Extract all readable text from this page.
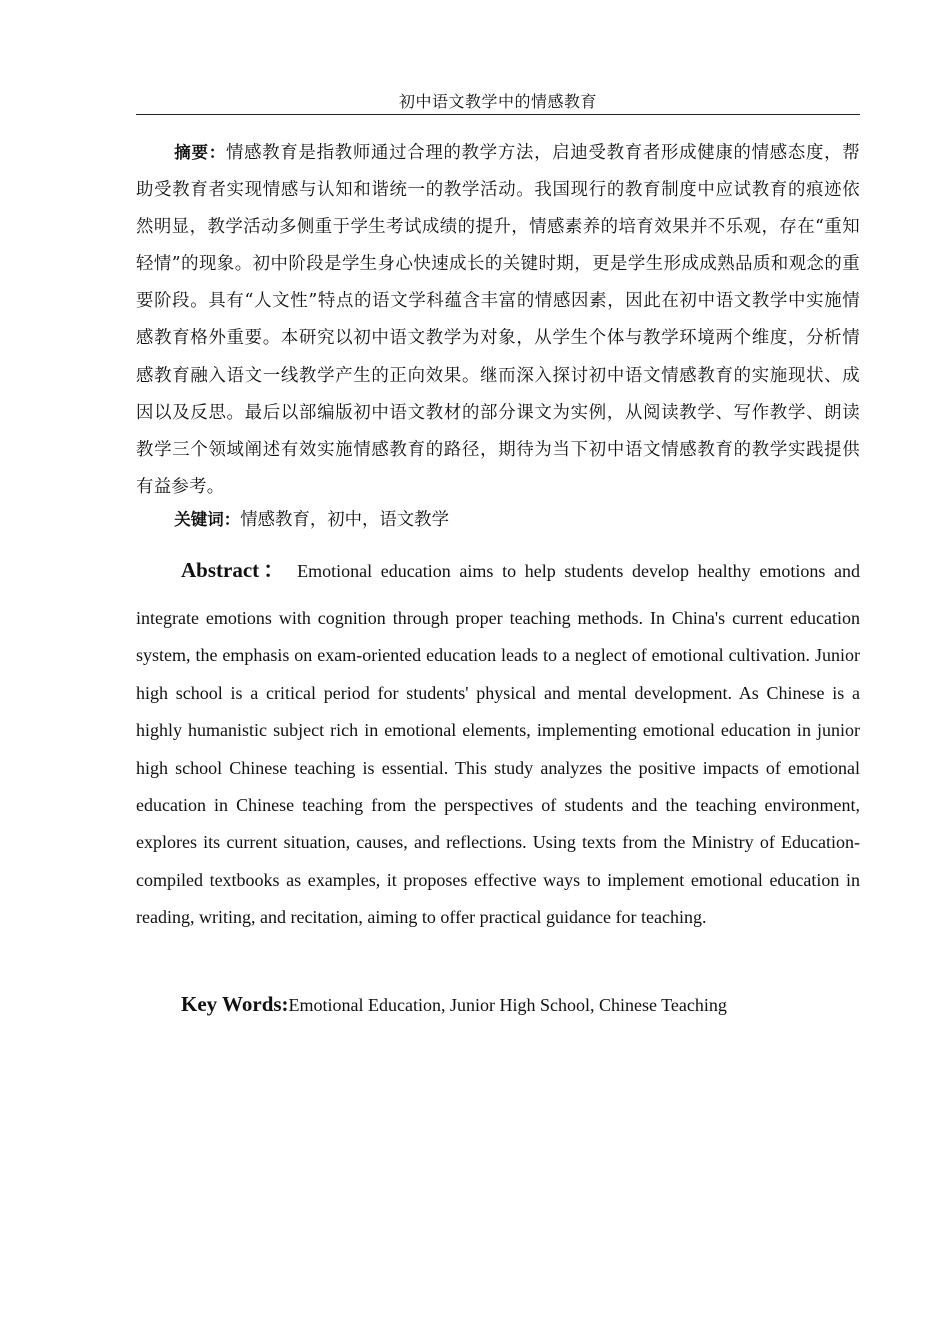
初中语文教学中的情感教育

摘要：情感教育是指教师通过合理的教学方法，启迪受教育者形成健康的情感态度，帮助受教育者实现情感与认知和谐统一的教学活动。我国现行的教育制度中应试教育的痕迹依然明显，教学活动多侧重于学生考试成绩的提升，情感素养的培育效果并不乐观，存在“重知轻情”的现象。初中阶段是学生身心快速成长的关键时期，更是学生形成成熟品质和观念的重要阶段。具有“人文性”特点的语文学科蕴含丰富的情感因素，因此在初中语文教学中实施情感教育格外重要。本研究以初中语文教学为对象，从学生个体与教学环境两个维度，分析情感教育融入语文一线教学产生的正向效果。继而深入探讨初中语文情感教育的实施现状、成因以及反思。最后以部编版初中语文教材的部分课文为实例，从阅读教学、写作教学、朗读教学三个领域阐述有效实施情感教育的路径，期待为当下初中语文情感教育的教学实践提供有益参考。

关键词：情感教育，初中，语文教学

Abstract： Emotional education aims to help students develop healthy emotions and

integrate emotions with cognition through proper teaching methods. In China's current education system, the emphasis on exam-oriented education leads to a neglect of emotional cultivation. Junior high school is a critical period for students' physical and mental development. As Chinese is a highly humanistic subject rich in emotional elements, implementing emotional education in junior high school Chinese teaching is essential. This study analyzes the positive impacts of emotional education in Chinese teaching from the perspectives of students and the teaching environment, explores its current situation, causes, and reflections. Using texts from the Ministry of Education-compiled textbooks as examples, it proposes effective ways to implement emotional education in reading, writing, and recitation, aiming to offer practical guidance for teaching.

Key Words:Emotional Education, Junior High School, Chinese Teaching
